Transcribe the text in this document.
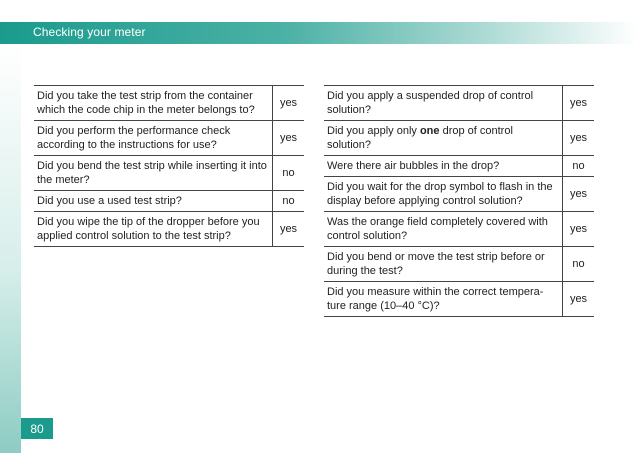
Checking your meter
80
Did you take the test strip from the container which the code chip in the meter belongs to?	yes
Did you perform the performance check according to the instructions for use?	yes
Did you bend the test strip while inserting it into the meter?	no
Did you use a used test strip?	no
Did you wipe the tip of the dropper before you applied control solution to the test strip?	yes
Did you apply a suspended drop of control solution?	yes
Did you apply only one drop of control solution?	yes
Were there air bubbles in the drop?	no
Did you wait for the drop symbol to flash in the display before applying control solution?	yes
Was the orange field completely covered with control solution?	yes
Did you bend or move the test strip before or during the test?	no
Did you measure within the correct tempera-ture range (10–40 °C)?	yes
